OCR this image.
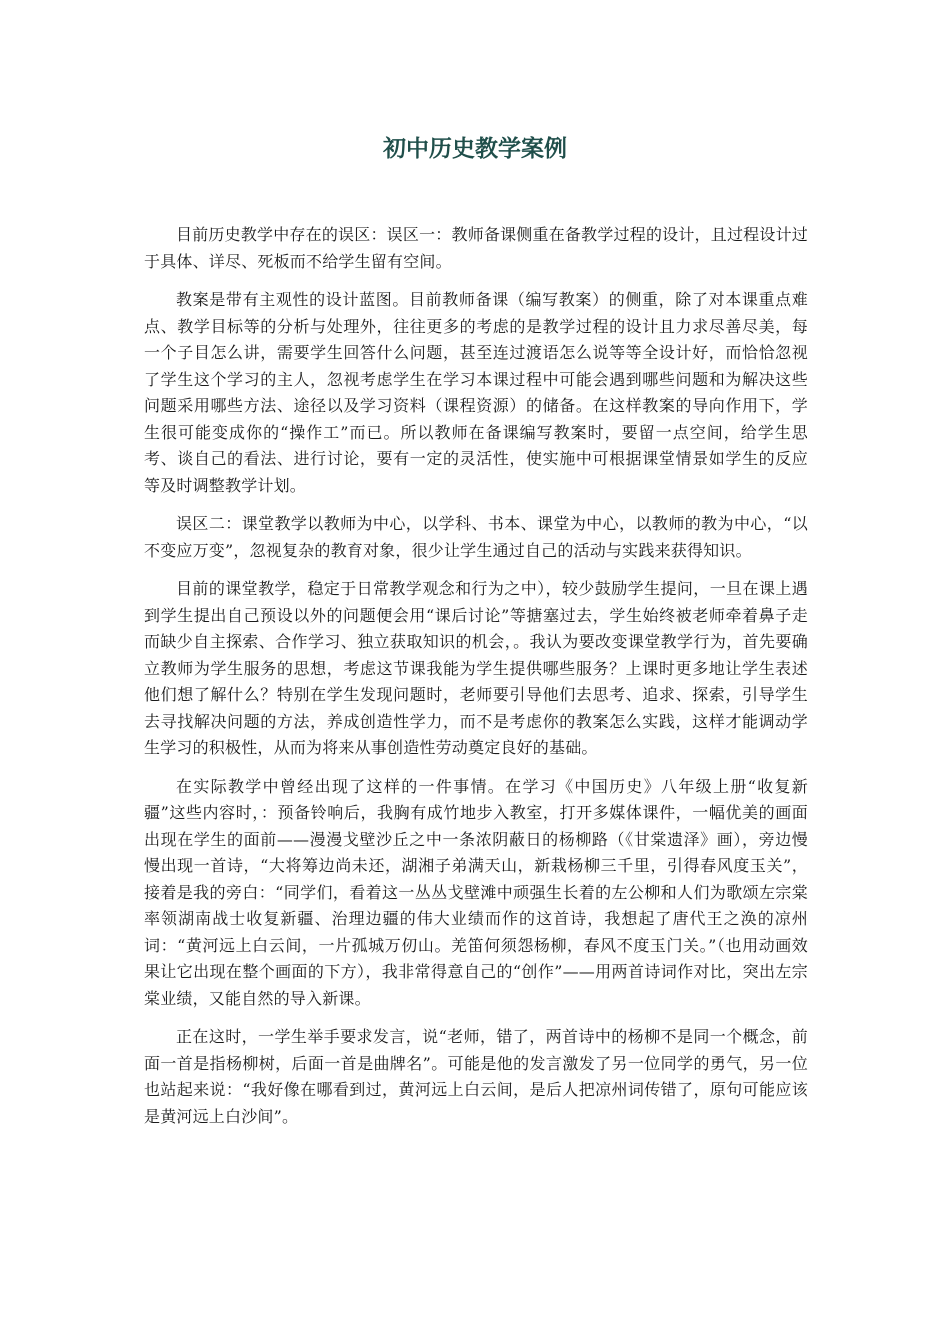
初中历史教学案例

目前历史教学中存在的误区：误区一：教师备课侧重在备教学过程的设计，且过程设计过于具体、详尽、死板而不给学生留有空间。

教案是带有主观性的设计蓝图。目前教师备课（编写教案）的侧重，除了对本课重点难点、教学目标等的分析与处理外，往往更多的考虑的是教学过程的设计且力求尽善尽美，每一个子目怎么讲，需要学生回答什么问题，甚至连过渡语怎么说等等全设计好，而恰恰忽视了学生这个学习的主人，忽视考虑学生在学习本课过程中可能会遇到哪些问题和为解决这些问题采用哪些方法、途径以及学习资料（课程资源）的储备。在这样教案的导向作用下，学生很可能变成你的“操作工”而已。所以教师在备课编写教案时，要留一点空间，给学生思考、谈自己的看法、进行讨论，要有一定的灵活性，使实施中可根据课堂情景如学生的反应等及时调整教学计划。

误区二：课堂教学以教师为中心，以学科、书本、课堂为中心，以教师的教为中心，“以不变应万变”，忽视复杂的教育对象，很少让学生通过自己的活动与实践来获得知识。

目前的课堂教学，稳定于日常教学观念和行为之中），较少鼓励学生提问，一旦在课上遇到学生提出自己预设以外的问题便会用“课后讨论”等搪塞过去，学生始终被老师牵着鼻子走而缺少自主探索、合作学习、独立获取知识的机会，。我认为要改变课堂教学行为，首先要确立教师为学生服务的思想，考虑这节课我能为学生提供哪些服务？上课时更多地让学生表述他们想了解什么？特别在学生发现问题时，老师要引导他们去思考、追求、探索，引导学生去寻找解决问题的方法，养成创造性学力，而不是考虑你的教案怎么实践，这样才能调动学生学习的积极性，从而为将来从事创造性劳动奠定良好的基础。

在实际教学中曾经出现了这样的一件事情。在学习《中国历史》八年级上册“收复新疆”这些内容时，：预备铃响后，我胸有成竹地步入教室，打开多媒体课件，一幅优美的画面出现在学生的面前——漫漫戈壁沙丘之中一条浓阴蔽日的杨柳路（《甘棠遗泽》画），旁边慢慢出现一首诗，“大将筹边尚未还，湖湘子弟满天山，新栽杨柳三千里，引得春风度玉关”，接着是我的旁白：“同学们，看着这一丛丛戈壁滩中顽强生长着的左公柳和人们为歌颂左宗棠率领湖南战士收复新疆、治理边疆的伟大业绩而作的这首诗，我想起了唐代王之涣的凉州词：“黄河远上白云间，一片孤城万仞山。羌笛何须怨杨柳，春风不度玉门关。”（也用动画效果让它出现在整个画面的下方），我非常得意自己的“创作”——用两首诗词作对比，突出左宗棠业绩，又能自然的导入新课。

正在这时，一学生举手要求发言，说“老师，错了，两首诗中的杨柳不是同一个概念，前面一首是指杨柳树，后面一首是曲牌名”。可能是他的发言激发了另一位同学的勇气，另一位也站起来说：“我好像在哪看到过，黄河远上白云间，是后人把凉州词传错了，原句可能应该是黄河远上白沙间”。
